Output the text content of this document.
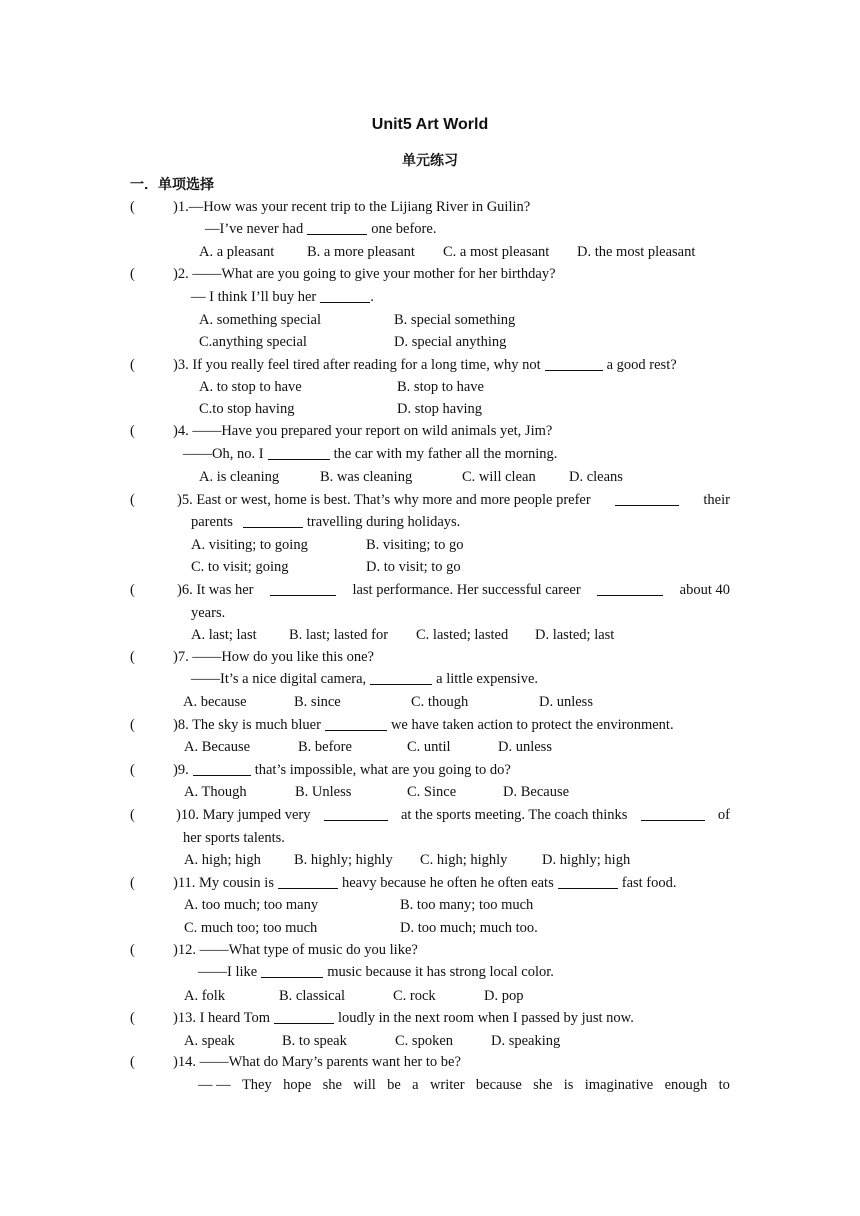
Unit5 Art World
单元练习
一．单项选择
(	)1.—How was your recent trip to the Lijiang River in Guilin?
—I’ve never had	one before.
A. a pleasant B. a more pleasant C. a most pleasant D. the most pleasant
(	)2. ——What are you going to give your mother for her birthday?
— I think I’ll buy her	.
A. something special	B. special something
C.anything special	D. special anything
(	)3. If you really feel tired after reading for a long time, why not	a good rest?
A. to stop to have	B. stop to have
C.to stop having	D. stop having
(	)4. ——Have you prepared your report on wild animals yet, Jim?
——Oh, no. I	the car with my father all the morning.
A. is cleaning	B. was cleaning	C. will clean D. cleans
(	)5. East or west, home is best. That’s why more and more people prefer	their
parents	travelling during holidays.
A. visiting; to going	B. visiting; to go
C. to visit; going	D. to visit; to go
(	)6. It was her	last performance. Her successful career	about 40
years.
A. last; last B. last; lasted for C. lasted; lasted D. lasted; last
(	)7. ——How do you like this one?
——It’s a nice digital camera,	a little expensive.
A. because	B. since	C. though	D. unless
(	)8. The sky is much bluer	we have taken action to protect the environment.
A. Because	B. before	C. until	D. unless
(	)9.	that’s impossible, what are you going to do?
A. Though	B. Unless	C. Since	D. Because
(	)10. Mary jumped very	at the sports meeting. The coach thinks	of
her sports talents.
A. high; high B. highly; highly C. high; highly D. highly; high
(	)11. My cousin is	heavy because he often he often eats	fast food.
A. too much; too many	B. too many; too much
C. much too; too much	D. too much; much too.
(	)12. ——What type of music do you like?
——I like	music because it has strong local color.
A. folk	B. classical	C. rock	D. pop
(	)13. I heard Tom	loudly in the next room when I passed by just now.
A. speak	B. to speak	C. spoken	D. speaking
(	)14. ——What do Mary’s parents want her to be?
— — They hope she will be a writer because she is imaginative enough to
